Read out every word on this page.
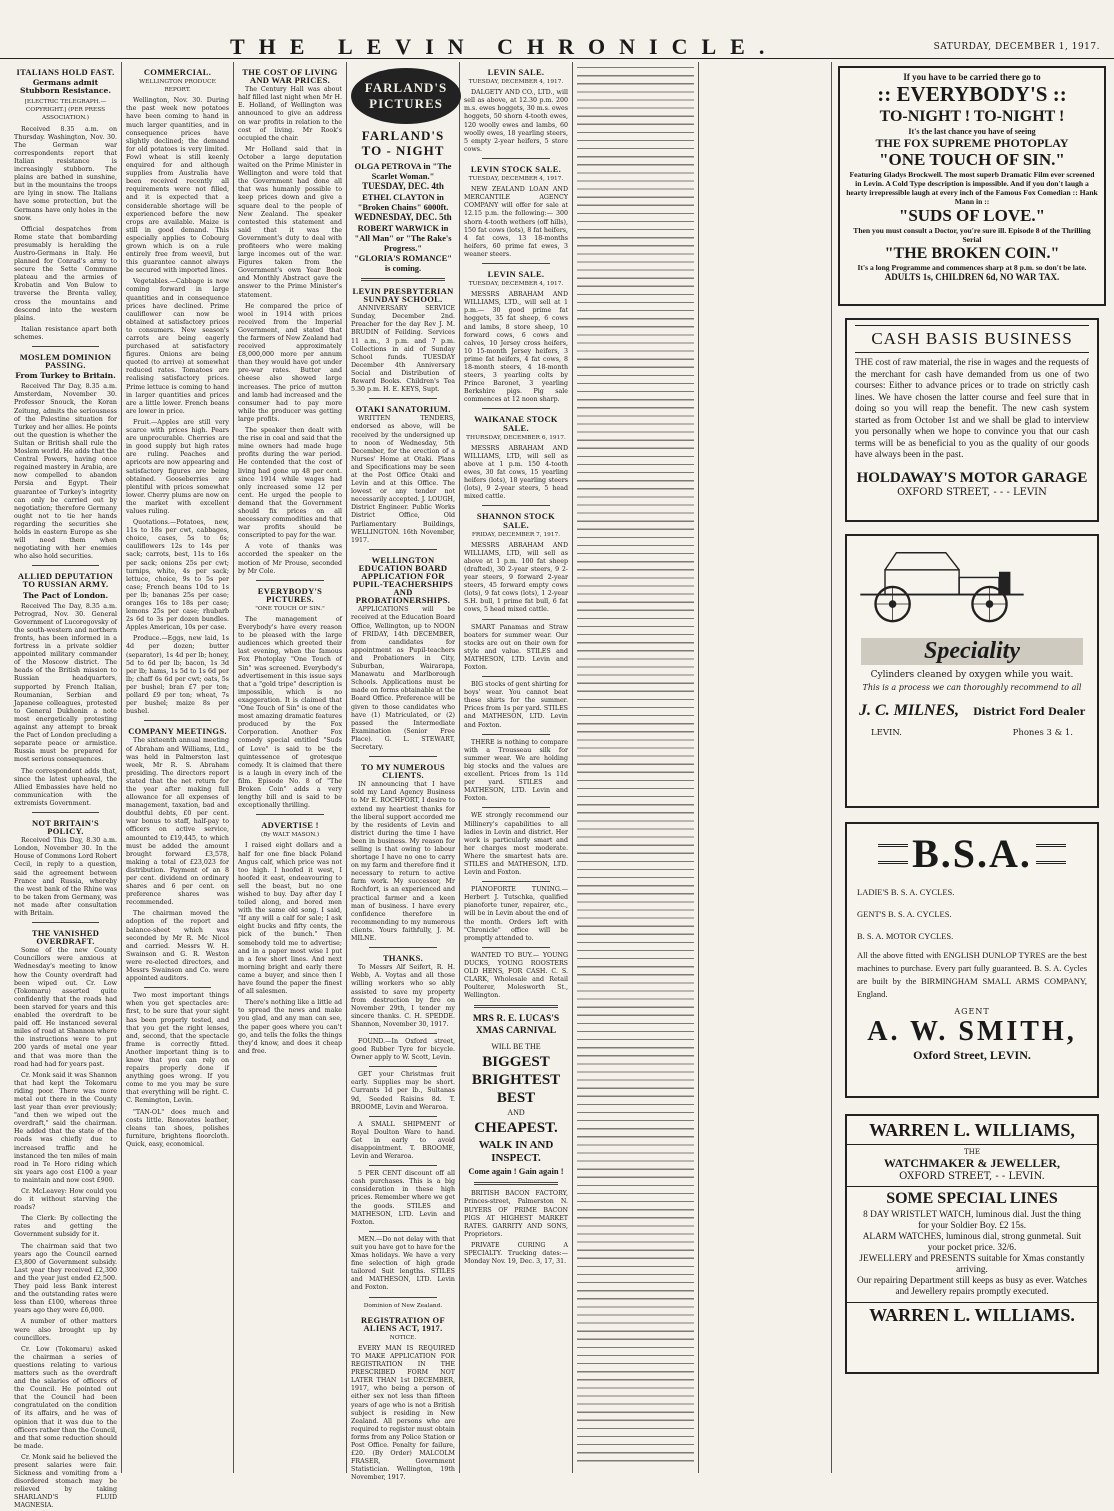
THE LEVIN CHRONICLE.	SATURDAY, DECEMBER 1, 1917.
ITALIANS HOLD FAST.
Germans admit Stubborn Resistance.
[ELECTRIC TELEGRAPH.—COPYRIGHT.] (PER PRESS ASSOCIATION.)

Received 8.35 a.m. on Thursday. Washington, Nov. 30. The German war correspondents report that Italian resistance is increasingly stubborn. The plains are bathed in sunshine, but in the mountains the troops are lying in snow. The Italians have some protection, but the Germans have only holes in the snow.

Official despatches from Rome state that bombarding presumably is heralding the Austro-Germans in Italy. He planned for Conrad's army to secure the Sette Commune plateau and the armies of Krobatin and Von Bulow to traverse the Brenta valley, cross the mountains and descend into the western plains.

Italian resistance apart both schemes.

MOSLEM DOMINION PASSING.
From Turkey to Britain.

Received Thr Day, 8.35 a.m. Amsterdam, November 30. Professor Snouck, the Koran Zeitung, admits the seriousness of the Palestine situation for Turkey and her allies. He points out the question is whether the Sultan or British shall rule the Moslem world. He adds that the Central Powers, having once regained mastery in Arabia, are now compelled to abandon Persia and Egypt. Their guarantee of Turkey's integrity can only be carried out by negotiation; therefore Germany ought not to tie her hands regarding the securities she holds in eastern Europe as she will need them when negotiating with her enemies who also hold securities.

ALLIED DEPUTATION TO RUSSIAN ARMY.
The Pact of London.

Received The Day, 8.35 a.m. Petrograd, Nov. 30. General Government of Lucoregovsky of the south-western and northern fronts, has been informed in a fortress in a private soldier appointed military commander of the Moscow district. The heads of the British mission to Russian headquarters, supported by French Italian, Roumanian, Serbian and Japanese colleagues, protested to General Dukhonin a note most energetically protesting against any attempt to break the Pact of London precluding a separate peace or armistice. Russia must be prepared for most serious consequences.

The correspondent adds that, since the latest upheaval, the Allied Embassies have held no communication with the extremists Government.

NOT BRITAIN'S POLICY.

Received This Day, 8.30 a.m. London, November 30. In the House of Commons Lord Robert Cecil, in reply to a question, said the agreement between France and Russia, whereby the west bank of the Rhine was to be taken from Germany, was not made after consultation with Britain.

THE VANISHED OVERDRAFT.

Some of the new County Councillors were anxious at Wednesday's meeting to know how the County overdraft had been wiped out. Cr. Low (Tokomaru) asserted quite confidently that the roads had been starved for years and this enabled the overdraft to be paid off. He instanced several miles of road at Shannon where the instructions were to put 200 yards of metal one year and that was more than the road had had for years past.

Cr. Monk said it was Shannon that had kept the Tokomaru riding poor. There was more metal out there in the County last year than ever previously; "and then we wiped out the overdraft," said the chairman. He added that the state of the roads was chiefly due to increased traffic and he instanced the ten miles of main road in Te Horo riding which six years ago cost £100 a year to maintain and now cost £900.

Cr. McLeavey: How could you do it without starving the roads?

The Clerk: By collecting the rates and getting the Government subsidy for it.

The chairman said that two years ago the Council earned £3,800 of Government subsidy. Last year they received £2,300 and the year just ended £2,500. They paid less Bank interest and the outstanding rates were less than £100, whereas three years ago they were £6,000.

A number of other matters were also brought up by councillors.

Cr. Low (Tokomaru) asked the chairman a series of questions relating to various matters such as the overdraft and the salaries of officers of the Council. He pointed out that the Council had been congratulated on the condition of its affairs, and he was of opinion that it was due to the officers rather than the Council, and that some reduction should be made.

Cr. Monk said he believed the present salaries were fair. Sickness and vomiting from a disordered stomach may be relieved by taking SHARLAND'S FLUID MAGNESIA.

COMMERCIAL.
WELLINGTON PRODUCE REPORT.

Wellington, Nov. 30. During the past week new potatoes have been coming to hand in much larger quantities, and in consequence prices have slightly declined; the demand for old potatoes is very limited. Fowl wheat is still keenly enquired for and although supplies from Australia have been received recently all requirements were not filled, and it is expected that a considerable shortage will be experienced before the new crops are available. Maize is still in good demand. This especially applies to Cobourg grown which is on a rule entirely free from weevil, but this guarantee cannot always be secured with imported lines.

Vegetables.—Cabbage is now coming forward in large quantities and in consequence prices have declined. Prime cauliflower can now be obtained at satisfactory prices to consumers. New season's carrots are being eagerly purchased at satisfactory figures. Onions are being quoted (to arrive) at somewhat reduced rates. Tomatoes are realising satisfactory prices. Prime lettuce is coming to hand in larger quantities and prices are a little lower. French beans are lower in price.

Fruit.—Apples are still very scarce with prices high. Pears are unprocurable. Cherries are in good supply but high rates are ruling. Peaches and apricots are now appearing and satisfactory figures are being obtained. Gooseberries are plentiful with prices somewhat lower. Cherry plums are now on the market with excellent values ruling.

Quotations.—Potatoes, new, 11s to 18s per cwt, cabbages, choice, cases, 5s to 6s; cauliflowers 12s to 14s per sack; carrots, best, 11s to 16s per sack; onions 25s per cwt; turnips, white, 4s per sack; lettuce, choice, 9s to 5s per case; French beans 10d to 1s per lb; bananas 25s per case; oranges 16s to 18s per case; lemons 25s per case; rhubarb 2s 6d to 3s per dozen bundles. Apples American, 10s per case.

Produce.—Eggs, new laid, 1s 4d per dozen; butter (separator), 1s 4d per lb; honey, 5d to 6d per lb; bacon, 1s 3d per lb; hams, 1s 5d to 1s 6d per lb; chaff 6s 6d per cwt; oats, 5s per bushel; bran £7 per ton; pollard £9 per ton; wheat, 7s per bushel; maize 8s per bushel.

COMPANY MEETINGS.

The sixteenth annual meeting of Abraham and Williams, Ltd., was held in Palmerston last week, Mr R. S. Abraham presiding. The directors report stated that the net return for the year after making full allowance for all expenses of management, taxation, bad and doubtful debts, £0 per cent. war bonus to staff, half-pay to officers on active service, amounted to £19,445, to which must be added the amount brought forward £3,578, making a total of £23,023 for distribution. Payment of an 8 per cent. dividend on ordinary shares and 6 per cent. on preference shares was recommended.

The chairman moved the adoption of the report and balance-sheet which was seconded by Mr R. Mc Nicol and carried. Messrs W. H. Swainson and G. R. Weston were re-elected directors, and Messrs Swainson and Co. were appointed auditors.

Two most important things when you get spectacles are: first, to be sure that your sight has been properly tested, and that you get the right lenses, and, second, that the spectacle frame is correctly fitted. Another important thing is to know that you can rely on repairs properly done if anything goes wrong. If you come to me you may be sure that everything will be right. C. C. Remington, Levin.

"TAN-OL" does much and costs little. Renovates leather, cleans tan shoes, polishes furniture, brightens floorcloth. Quick, easy, economical.

THE COST OF LIVING AND WAR PRICES.

The Century Hall was about half filled last night when Mr H. E. Holland, of Wellington was announced to give an address on war profits in relation to the cost of living. Mr Rook's occupied the chair.

Mr Holland said that in October a large deputation waited on the Prime Minister in Wellington and were told that the Government had done all that was humanly possible to keep prices down and give a square deal to the people of New Zealand. The speaker contested this statement and said that it was the Government's duty to deal with profiteers who were making large incomes out of the war. Figures taken from the Government's own Year Book and Monthly Abstract gave the answer to the Prime Minister's statement.

He compared the price of wool in 1914 with prices received from the Imperial Government, and stated that the farmers of New Zealand had received approximately £8,000,000 more per annum than they would have got under pre-war rates. Butter and cheese also showed large increases. The price of mutton and lamb had increased and the consumer had to pay more while the producer was getting large profits.

The speaker then dealt with the rise in coal and said that the mine owners had made huge profits during the war period. He contended that the cost of living had gone up 48 per cent. since 1914 while wages had only increased some 12 per cent. He urged the people to demand that the Government should fix prices on all necessary commodities and that war profits should be conscripted to pay for the war.

A vote of thanks was accorded the speaker on the motion of Mr Prouse, seconded by Mr Cole.

EVERYBODY'S PICTURES.
"ONE TOUCH OF SIN."

The management of Everybody's have every reason to be pleased with the large audiences which greeted their last evening, when the famous Fox Photoplay "One Touch of Sin" was screened. Everybody's advertisement in this issue says that a "gold tripe" description is impossible, which is no exaggeration. It is claimed that "One Touch of Sin" is one of the most amazing dramatic features produced by the Fox Corporation. Another Fox comedy special entitled "Suds of Love" is said to be the quintessence of grotesque comedy. It is claimed that there is a laugh in every inch of the film. Episode No. 8 of "The Broken Coin" adds a very lengthy bill and is said to be exceptionally thrilling.

ADVERTISE !
(By WALT MASON.)

I raised eight dollars and a half for one fine black Poland Angus calf, which price was not too high. I hoofed it west, I hoofed it east, endeavouring to sell the beast, but no one wished to buy. Day after day I toiled along, and bored men with the same old song. I said, "If any will a calf for sale; I ask eight bucks and fifty cents, the pick of the bunch." Then somebody told me to advertise; and in a paper most wise I put in a few short lines. And next morning bright and early there came a buyer, and since then I have found the paper the finest of all salesmen.

There's nothing like a little ad to spread the news and make you glad, and any man can see, the paper goes where you can't go, and tells the folks the things they'd know, and does it cheap and free.

FARLAND'S
PICTURES
FARLAND'S TO - NIGHT
OLGA PETROVA in "The Scarlet Woman."
TUESDAY, DEC. 4th
ETHEL CLAYTON in "Broken Chains" 6000ft.
WEDNESDAY, DEC. 5th
ROBERT WARWICK in "All Man" or "The Rake's Progress."
"GLORIA'S ROMANCE" is coming.
LEVIN PRESBYTERIAN SUNDAY SCHOOL.

ANNIVERSARY SERVICE Sunday, December 2nd. Preacher for the day Rev J. M. BRUDIN of Feilding. Services 11 a.m., 3 p.m. and 7 p.m. Collections in aid of Sunday School funds. TUESDAY December 4th Anniversary Social and Distribution of Reward Books. Children's Tea 5.30 p.m. H. E. KEYS, Supt.

OTAKI SANATORIUM.

WRITTEN TENDERS, endorsed as above, will be received by the undersigned up to noon of Wednesday, 5th December, for the erection of a Nurses' Home at Otaki. Plans and Specifications may be seen at the Post Office Otaki and Levin and at this Office. The lowest or any tender not necessarily accepted. J. LOUGH, District Engineer. Public Works District Office, Old Parliamentary Buildings, WELLINGTON. 16th November, 1917.

WELLINGTON EDUCATION BOARD APPLICATION FOR PUPIL-TEACHERSHIPS AND PROBATIONERSHIPS.

APPLICATIONS will be received at the Education Board Office, Wellington, up to NOON of FRIDAY, 14th DECEMBER, from candidates for appointment as Pupil-teachers and Probationers in City, Suburban, Wairarapa, Manawatu and Marlborough Schools. Applications must be made on forms obtainable at the Board Office. Preference will be given to those candidates who have (1) Matriculated, or (2) passed the Intermediate Examination (Senior Free Place). G. L. STEWART, Secretary.

TO MY NUMEROUS CLIENTS.

IN announcing that I have sold my Land Agency Business to Mr E. ROCHFORT, I desire to extend my heartiest thanks for the liberal support accorded me by the residents of Levin and district during the time I have been in business. My reason for selling is that owing to labour shortage I have no one to carry on my farm and therefore find it necessary to return to active farm work. My successor, Mr Rochfort, is an experienced and practical farmer and a keen man of business. I have every confidence therefore in recommending to my numerous clients. Yours faithfully, J. M. MILNE.

THANKS.

To Messrs Alf Seifert, R. H. Webb, A. Voytas and all those willing workers who so ably assisted to save my property from destruction by fire on November 29th, I tender my sincere thanks. C. H. SPEDDE. Shannon, November 30, 1917.

FOUND.—In Oxford street, good Rubber Tyre for bicycle. Owner apply to W. Scott, Levin.

GET your Christmas fruit early. Supplies may be short. Currants 1d per lb., Sultanas 9d, Seeded Raisins 8d. T. BROOME, Levin and Weraroa.

A SMALL SHIPMENT of Royal Doulton Ware to hand. Get in early to avoid disappointment. T. BROOME, Levin and Weraroa.

5 PER CENT discount off all cash purchases. This is a big consideration in these high prices. Remember where we get the goods. STILES and MATHESON, LTD. Levin and Foxton.

MEN.—Do not delay with that suit you have got to have for the Xmas holidays. We have a very fine selection of high grade tailored Suit lengths. STILES and MATHESON, LTD. Levin and Foxton.

Dominion of New Zealand.
REGISTRATION OF ALIENS ACT, 1917.
NOTICE.

EVERY MAN IS REQUIRED TO MAKE APPLICATION FOR REGISTRATION IN THE PRESCRIBED FORM NOT LATER THAN 1st DECEMBER, 1917, who being a person of either sex not less than fifteen years of age who is not a British subject is residing in New Zealand. All persons who are required to register must obtain forms from any Police Station or Post Office. Penalty for failure, £20. (By Order) MALCOLM FRASER, Government Statistician. Wellington, 19th November, 1917.

LEVIN SALE.
TUESDAY, DECEMBER 4, 1917.

DALGETY AND CO., LTD., will sell as above, at 12.30 p.m. 200 m.s. ewes hoggets, 30 m.s. ewes hoggets, 50 shorn 4-tooth ewes, 120 woolly ewes and lambs, 60 woolly ewes, 18 yearling steers, 5 empty 2-year heifers, 5 store cows.

LEVIN STOCK SALE.
TUESDAY, DECEMBER 4, 1917.

NEW ZEALAND LOAN AND MERCANTILE AGENCY COMPANY will offer for sale at 12.15 p.m. the following:— 300 shorn 4-tooth wethers (off hills), 150 fat cows (lots), 8 fat heifers, 4 fat cows, 13 18-months heifers, 60 prime fat ewes, 3 weaner steers.

LEVIN SALE.
TUESDAY, DECEMBER 4, 1917.

MESSRS ABRAHAM AND WILLIAMS, LTD., will sell at 1 p.m.— 30 good prime fat hoggets, 35 fat sheep, 6 cows and lambs, 8 store sheep, 10 forward cows, 6 cows and calves, 10 Jersey cross heifers, 10 15-month Jersey heifers, 3 prime fat heifers, 4 fat cows, 8 18-month steers, 4 18-month steers, 3 yearling colts by Prince Baronet, 3 yearling Berkshire pigs. Pig sale commences at 12 noon sharp.

WAIKANAE STOCK SALE.
THURSDAY, DECEMBER 6, 1917.

MESSRS ABRAHAM AND WILLIAMS, LTD, will sell as above at 1 p.m. 150 4-tooth ewes, 30 fat cows, 15 yearling heifers (lots), 18 yearling steers (lots), 9 2-year steers, 5 head mixed cattle.

SHANNON STOCK SALE.
FRIDAY, DECEMBER 7, 1917.

MESSRS ABRAHAM AND WILLIAMS, LTD, will sell as above at 1 p.m. 100 fat sheep (drafted), 30 2-year steers, 9 2-year steers, 9 forward 2-year steers, 45 forward empty cows (lots), 9 fat cows (lots), 1 2-year S.H. bull, 1 prime fat bull, 6 fat cows, 5 head mixed cattle.

SMART Panamas and Straw boaters for summer wear. Our stocks are out on their own for style and value. STILES and MATHESON, LTD. Levin and Foxton.

BIG stocks of gent shirting for boys' wear. You cannot beat these shirts for the summer. Prices from 1s per yard. STILES and MATHESON, LTD. Levin and Foxton.

THERE is nothing to compare with a Trousseau silk for summer wear. We are holding big stocks and the values are excellent. Prices from 1s 11d per yard. STILES and MATHESON, LTD. Levin and Foxton.

WE strongly recommend our Millinery's capabilities to all ladies in Levin and district. Her work is particularly smart and her charges most moderate. Where the smartest hats are. STILES and MATHESON, LTD. Levin and Foxton.

PIANOFORTE TUNING.—Herbert J. Tutschka, qualified pianoforte tuner, repairer, etc., will be in Levin about the end of the month. Orders left with "Chronicle" office will be promptly attended to.

WANTED TO BUY.— YOUNG DUCKS, YOUNG ROOSTERS OLD HENS, FOR CASH. C. S. CLARK, Wholesale and Retail Poulterer, Molesworth St., Wellington.

MRS R. E. LUCAS'S XMAS CARNIVAL
WILL BE THE
BIGGEST BRIGHTEST BEST
AND
CHEAPEST.
WALK IN AND INSPECT.
Come again ! Gain again !

BRITISH BACON FACTORY, Princes-street, Palmerston N. BUYERS OF PRIME BACON PIGS AT HIGHEST MARKET RATES. GARRITY AND SONS, Proprietors.

PRIVATE CURING A SPECIALTY. Trucking dates:—Monday Nov. 19, Dec. 3, 17, 31.

If you have to be carried there go to
:: EVERYBODY'S ::
TO-NIGHT ! TO-NIGHT !
It's the last chance you have of seeing
THE FOX SUPREME PHOTOPLAY
"ONE TOUCH OF SIN."
Featuring Gladys Brockwell. The most superb Dramatic Film ever screened in Levin. A Cold Type description is impossible. And if you don't laugh a hearty irrepressible laugh at every inch of the Famous Fox Comedian :: Hank Mann in ::
"SUDS OF LOVE."
Then you must consult a Doctor, you're sure ill. Episode 8 of the Thrilling Serial
"THE BROKEN COIN."
It's a long Programme and commences sharp at 8 p.m. so don't be late.
ADULTS 1s, CHILDREN 6d, NO WAR TAX.
CASH BASIS BUSINESS
THE cost of raw material, the rise in wages and the requests of the merchant for cash have demanded from us one of two courses: Either to advance prices or to trade on strictly cash lines. We have chosen the latter course and feel sure that in doing so you will reap the benefit. The new cash system started as from October 1st and we shall be glad to interview you personally when we hope to convince you that our cash terms will be as beneficial to you as the quality of our goods have always been in the past.
HOLDAWAY'S MOTOR GARAGE
OXFORD STREET, - - - LEVIN
Speciality
Cylinders cleaned by oxygen while you wait.
This is a process we can thoroughly recommend to all
J. C. MILNES, District Ford Dealer
LEVIN.	Phones 3 & 1.
B.S.A.
LADIE'S B. S. A. CYCLES.
GENT'S B. S. A. CYCLES.
B. S. A. MOTOR CYCLES.
All the above fitted with ENGLISH DUNLOP TYRES are the best machines to purchase. Every part fully guaranteed. B. S. A. Cycles are built by the BIRMINGHAM SMALL ARMS COMPANY, England.
AGENT
A. W. SMITH,
Oxford Street, LEVIN.
WARREN L. WILLIAMS,
THE
WATCHMAKER & JEWELLER,
OXFORD STREET, - - LEVIN.
SOME SPECIAL LINES
8 DAY WRISTLET WATCH, luminous dial. Just the thing for your Soldier Boy. £2 15s.
ALARM WATCHES, luminous dial, strong gunmetal. Suit your pocket price. 32/6.
JEWELLERY and PRESENTS suitable for Xmas constantly arriving.
Our repairing Department still keeps as busy as ever. Watches and Jewellery repairs promptly executed.
WARREN L. WILLIAMS.
